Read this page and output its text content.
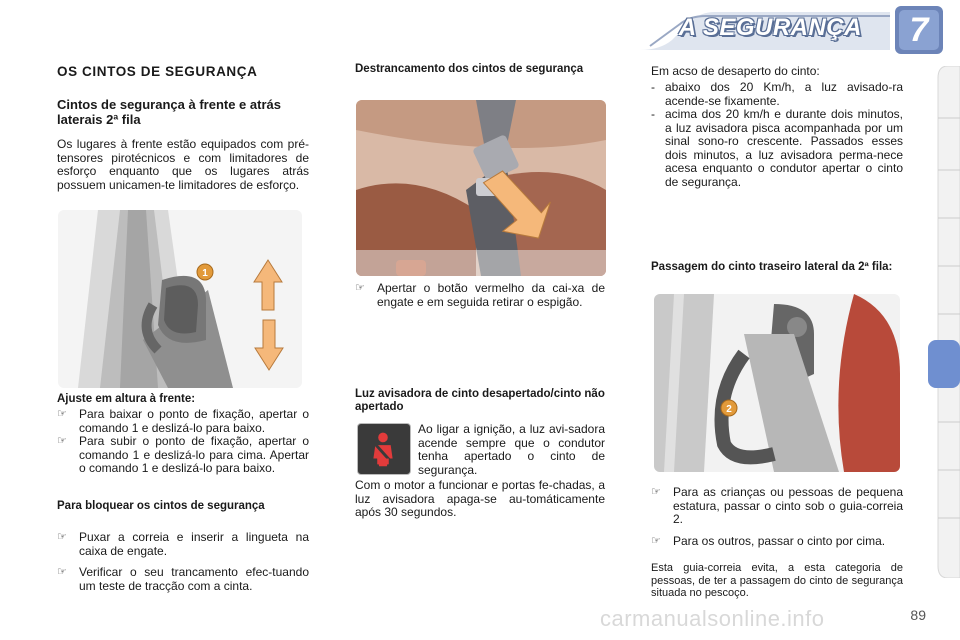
A SEGURANÇA	7
OS CINTOS DE SEGURANÇA
Cintos de segurança à frente e atrás laterais 2ª fila
Os lugares à frente estão equipados com pré-tensores pirotécnicos e com limitadores de esforço enquanto que os lugares atrás possuem unicamen-te limitadores de esforço.
1
Ajuste em altura à frente:
☞	Para baixar o ponto de fixação, apertar o comando 1 e deslizá-lo para baixo.
☞	Para subir o ponto de fixação, apertar o comando 1 e deslizá-lo para cima. Apertar o comando 1 e deslizá-lo para baixo.
Para bloquear os cintos de segurança
☞	Puxar a correia e inserir a lingueta na caixa de engate.
☞	Verificar o seu trancamento efec-tuando um teste de tracção com a cinta.
Destrancamento dos cintos de segurança
☞	Apertar o botão vermelho da cai-xa de engate e em seguida retirar o espigão.
Luz avisadora de cinto desapertado/cinto não apertado
Ao ligar a ignição, a luz avi-sadora acende sempre que o condutor tenha apertado o cinto de segurança.
Com o motor a funcionar e portas fe-chadas, a luz avisadora apaga-se au-tomáticamente após 30 segundos.
Em acso de desaperto do cinto:
- abaixo dos 20 Km/h, a luz avisado-ra acende-se fixamente.
- acima dos 20 km/h e durante dois minutos, a luz avisadora pisca acompanhada por um sinal sono-ro crescente. Passados esses dois minutos, a luz avisadora perma-nece acesa enquanto o condutor apertar o cinto de segurança.
Passagem do cinto traseiro lateral da 2ª fila:
2
☞	Para as crianças ou pessoas de pequena estatura, passar o cinto sob o guia-correia 2.
☞	Para os outros, passar o cinto por cima.
Esta guia-correia evita, a esta categoria de pessoas, de ter a passagem do cinto de segurança situada no pescoço.
89
carmanualsonline.info
